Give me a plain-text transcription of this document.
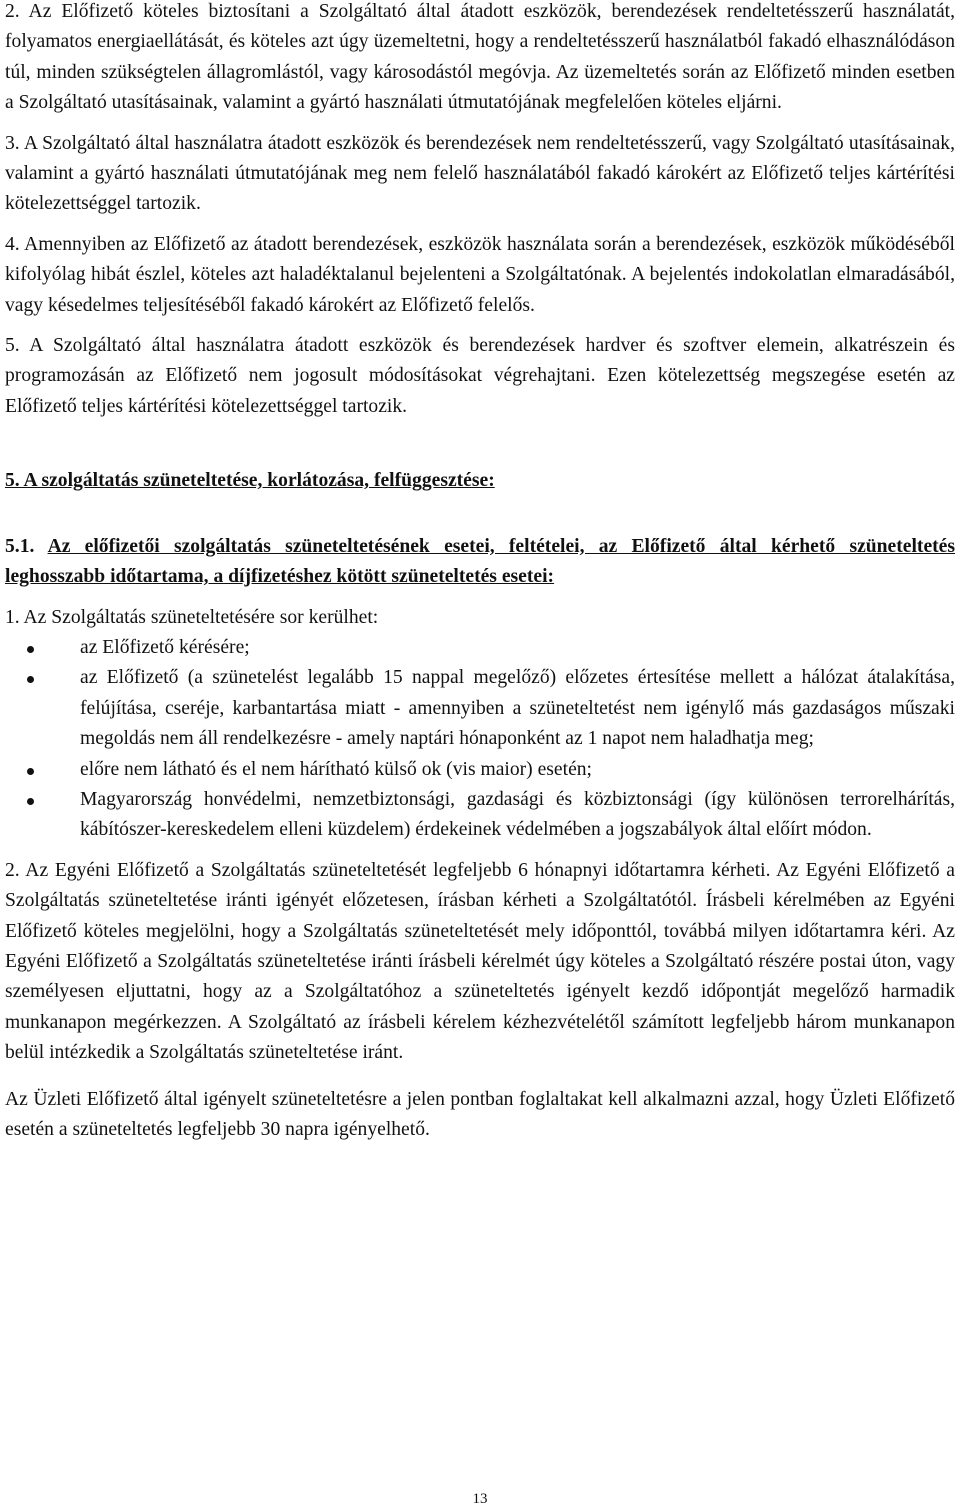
2. Az Előfizető köteles biztosítani a Szolgáltató által átadott eszközök, berendezések rendeltetésszerű használatát, folyamatos energiaellátását, és köteles azt úgy üzemeltetni, hogy a rendeltetésszerű használatból fakadó elhasználódáson túl, minden szükségtelen állagromlástól, vagy károsodástól megóvja. Az üzemeltetés során az Előfizető minden esetben a Szolgáltató utasításainak, valamint a gyártó használati útmutatójának megfelelően köteles eljárni.

3. A Szolgáltató által használatra átadott eszközök és berendezések nem rendeltetésszerű, vagy Szolgáltató utasításainak, valamint a gyártó használati útmutatójának meg nem felelő használatából fakadó károkért az Előfizető teljes kártérítési kötelezettséggel tartozik.

4. Amennyiben az Előfizető az átadott berendezések, eszközök használata során a berendezések, eszközök működéséből kifolyólag hibát észlel, köteles azt haladéktalanul bejelenteni a Szolgáltatónak. A bejelentés indokolatlan elmaradásából, vagy késedelmes teljesítéséből fakadó károkért az Előfizető felelős.

5. A Szolgáltató által használatra átadott eszközök és berendezések hardver és szoftver elemein, alkatrészein és programozásán az Előfizető nem jogosult módosításokat végrehajtani. Ezen kötelezettség megszegése esetén az Előfizető teljes kártérítési kötelezettséggel tartozik.

5. A szolgáltatás szüneteltetése, korlátozása, felfüggesztése:

5.1. Az előfizetői szolgáltatás szüneteltetésének esetei, feltételei, az Előfizető által kérhető szüneteltetés leghosszabb időtartama, a díjfizetéshez kötött szüneteltetés esetei:

1. Az Szolgáltatás szüneteltetésére sor kerülhet:

az Előfizető kérésére;
az Előfizető (a szünetelést legalább 15 nappal megelőző) előzetes értesítése mellett a hálózat átalakítása, felújítása, cseréje, karbantartása miatt - amennyiben a szüneteltetést nem igénylő más gazdaságos műszaki megoldás nem áll rendelkezésre - amely naptári hónaponként az 1 napot nem haladhatja meg;
előre nem látható és el nem hárítható külső ok (vis maior) esetén;
Magyarország honvédelmi, nemzetbiztonsági, gazdasági és közbiztonsági (így különösen terrorelhárítás, kábítószer-kereskedelem elleni küzdelem) érdekeinek védelmében a jogszabályok által előírt módon.

2. Az Egyéni Előfizető a Szolgáltatás szüneteltetését legfeljebb 6 hónapnyi időtartamra kérheti. Az Egyéni Előfizető a Szolgáltatás szüneteltetése iránti igényét előzetesen, írásban kérheti a Szolgáltatótól. Írásbeli kérelmében az Egyéni Előfizető köteles megjelölni, hogy a Szolgáltatás szüneteltetését mely időponttól, továbbá milyen időtartamra kéri. Az Egyéni Előfizető a Szolgáltatás szüneteltetése iránti írásbeli kérelmét úgy köteles a Szolgáltató részére postai úton, vagy személyesen eljuttatni, hogy az a Szolgáltatóhoz a szüneteltetés igényelt kezdő időpontját megelőző harmadik munkanapon megérkezzen. A Szolgáltató az írásbeli kérelem kézhezvételétől számított legfeljebb három munkanapon belül intézkedik a Szolgáltatás szüneteltetése iránt.

Az Üzleti Előfizető által igényelt szüneteltetésre a jelen pontban foglaltakat kell alkalmazni azzal, hogy Üzleti Előfizető esetén a szüneteltetés legfeljebb 30 napra igényelhető.

13
